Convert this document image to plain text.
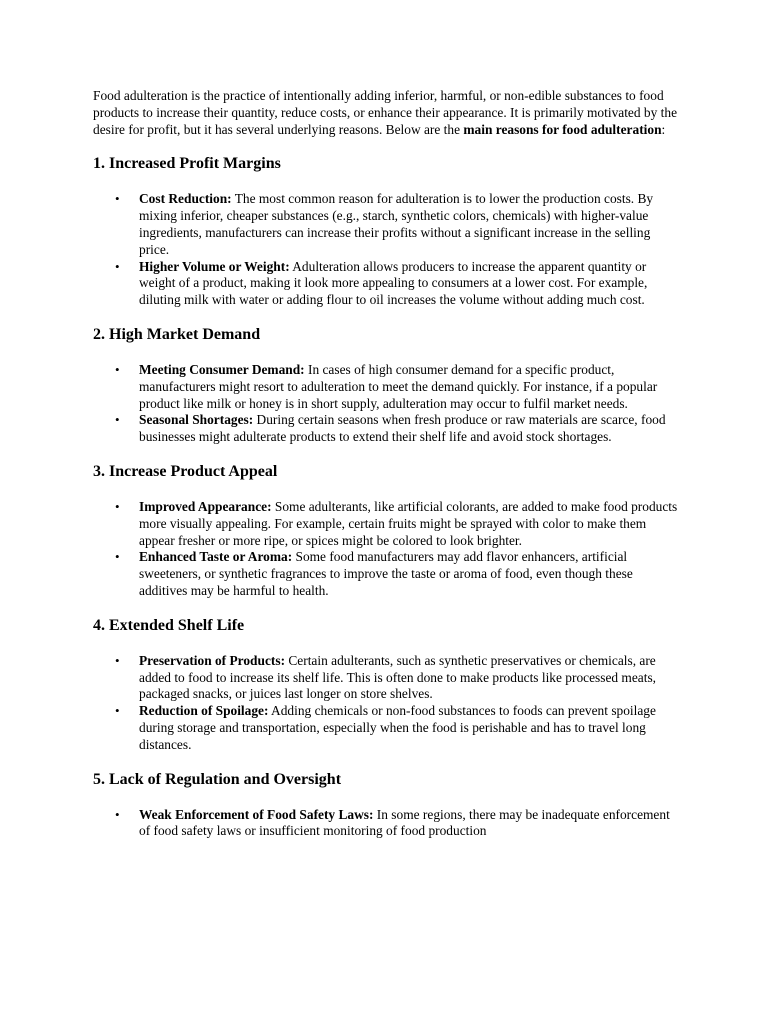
Food adulteration is the practice of intentionally adding inferior, harmful, or non-edible substances to food products to increase their quantity, reduce costs, or enhance their appearance. It is primarily motivated by the desire for profit, but it has several underlying reasons. Below are the main reasons for food adulteration:

1. Increased Profit Margins
• Cost Reduction: The most common reason for adulteration is to lower the production costs. By mixing inferior, cheaper substances (e.g., starch, synthetic colors, chemicals) with higher-value ingredients, manufacturers can increase their profits without a significant increase in the selling price.
• Higher Volume or Weight: Adulteration allows producers to increase the apparent quantity or weight of a product, making it look more appealing to consumers at a lower cost. For example, diluting milk with water or adding flour to oil increases the volume without adding much cost.
2. High Market Demand
• Meeting Consumer Demand: In cases of high consumer demand for a specific product, manufacturers might resort to adulteration to meet the demand quickly. For instance, if a popular product like milk or honey is in short supply, adulteration may occur to fulfil market needs.
• Seasonal Shortages: During certain seasons when fresh produce or raw materials are scarce, food businesses might adulterate products to extend their shelf life and avoid stock shortages.
3. Increase Product Appeal
• Improved Appearance: Some adulterants, like artificial colorants, are added to make food products more visually appealing. For example, certain fruits might be sprayed with color to make them appear fresher or more ripe, or spices might be colored to look brighter.
• Enhanced Taste or Aroma: Some food manufacturers may add flavor enhancers, artificial sweeteners, or synthetic fragrances to improve the taste or aroma of food, even though these additives may be harmful to health.
4. Extended Shelf Life
• Preservation of Products: Certain adulterants, such as synthetic preservatives or chemicals, are added to food to increase its shelf life. This is often done to make products like processed meats, packaged snacks, or juices last longer on store shelves.
• Reduction of Spoilage: Adding chemicals or non-food substances to foods can prevent spoilage during storage and transportation, especially when the food is perishable and has to travel long distances.
5. Lack of Regulation and Oversight
• Weak Enforcement of Food Safety Laws: In some regions, there may be inadequate enforcement of food safety laws or insufficient monitoring of food production
